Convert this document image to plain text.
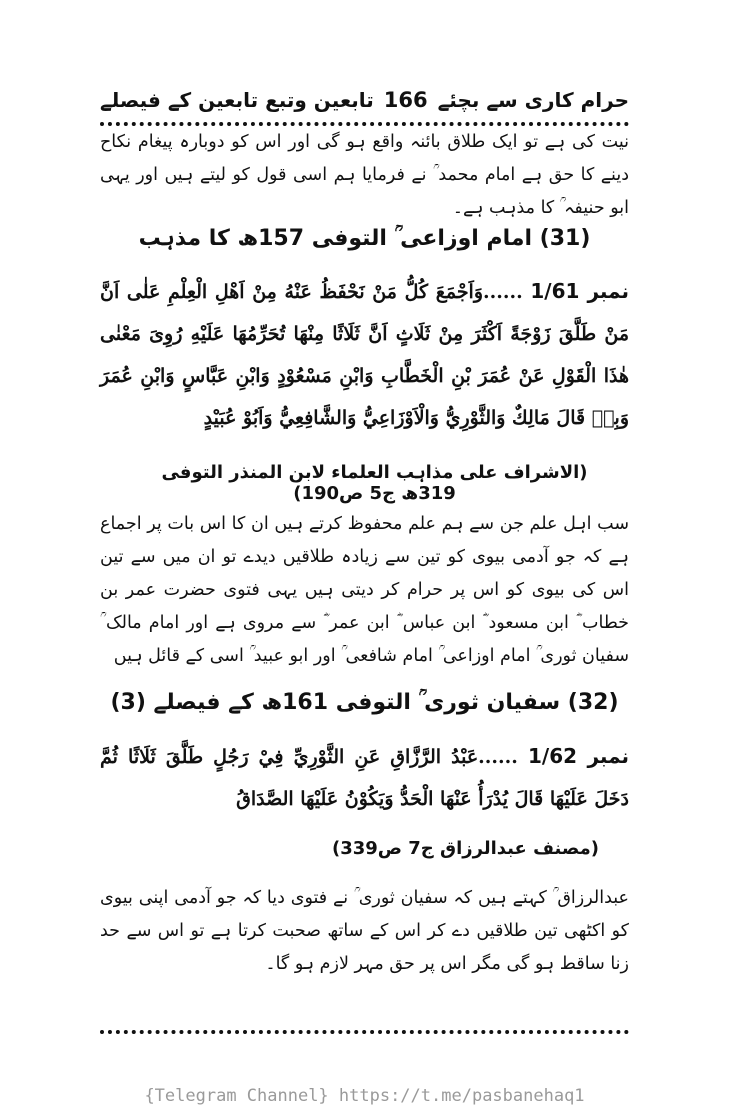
تابعین وتبع تابعین کے فیصلے 166 حرام کاری سے بچئے
نیت کی ہے تو ایک طلاق بائنہ واقع ہو گی اور اس کو دوبارہ پیغام نکاح دینے کا حق ہے امام محمد ؒ نے فرمایا ہم اسی قول کو لیتے ہیں اور یہی ابو حنیفہ ؒ کا مذہب ہے۔
(31) امام اوزاعی ؒ التوفی 157ھ کا مذہب
نمبر 1/61 ......وَاَجْمَعَ كُلُّ مَنْ نَحْفَظُ عَنْهُ مِنْ اَهْلِ الْعِلْمِ عَلٰى اَنَّ مَنْ طَلَّقَ زَوْجَةً اَكْثَرَ مِنْ ثَلَاثٍ اَنَّ ثَلَاثًا مِنْهَا تُحَرِّمُهَا عَلَيْهِ رُوِیَ مَعْنٰى هٰذَا الْقَوْلِ عَنْ عُمَرَ بْنِ الْخَطَّابِ وَابْنِ مَسْعُوْدٍ وَابْنِ عَبَّاسٍ وَابْنِ عُمَرَ وَبِهٖ قَالَ مَالِكٌ وَالثَّوْرِيُّ وَالْاَوْزَاعِيُّ وَالشَّافِعِيُّ وَاَبُوْ عُبَيْدٍ
(الاشراف علی مذاہب العلماء لابن المنذر التوفی 319ھ ج5 ص190)
سب اہل علم جن سے ہم علم محفوظ کرتے ہیں ان کا اس بات پر اجماع ہے کہ جو آدمی بیوی کو تین سے زیادہ طلاقیں دیدے تو ان میں سے تین اس کی بیوی کو اس پر حرام کر دیتی ہیں یہی فتوی حضرت عمر بن خطاب ؓ ابن مسعود ؓ ابن عباس ؓ ابن عمر ؓ سے مروی ہے اور امام مالک ؒ سفیان ثوری ؒ امام اوزاعی ؒ امام شافعی ؒ اور ابو عبید ؒ اسی کے قائل ہیں
(32) سفیان ثوری ؒ التوفی 161ھ کے فیصلے (3)
نمبر 1/62 ......عَبْدُ الرَّزَّاقِ عَنِ الثَّوْرِيِّ فِيْ رَجُلٍ طَلَّقَ ثَلَاثًا ثُمَّ دَخَلَ عَلَيْهَا قَالَ يُدْرَأُ عَنْهَا الْحَدُّ وَيَكُوْنُ عَلَيْهَا الصَّدَاقُ
(مصنف عبدالرزاق ج7 ص339)
عبدالرزاق ؒ کہتے ہیں کہ سفیان ثوری ؒ نے فتوی دیا کہ جو آدمی اپنی بیوی کو اکٹھی تین طلاقیں دے کر اس کے ساتھ صحبت کرتا ہے تو اس سے حد زنا ساقط ہو گی مگر اس پر حق مہر لازم ہو گا۔
{Telegram Channel} https://t.me/pasbanehaq1
